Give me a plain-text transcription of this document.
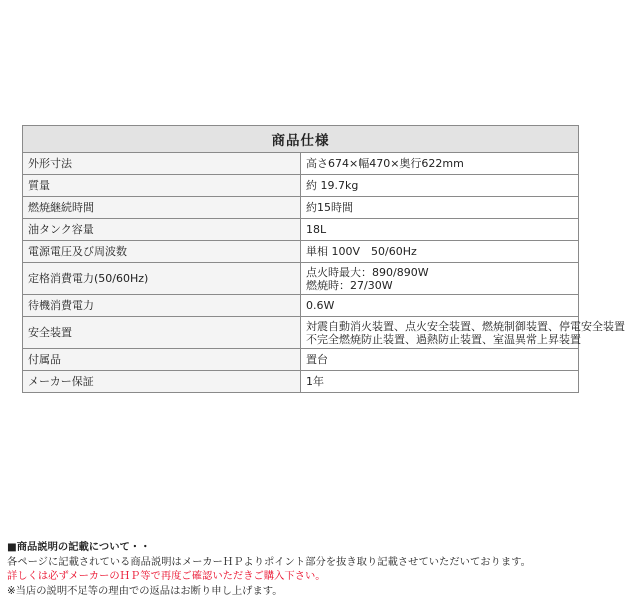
商品仕様	
外形寸法	高さ674×幅470×奥行622mm

質量	約 19.7kg

燃焼継続時間	約15時間

油タンク容量	18L

電源電圧及び周波数	単相 100V　50/60Hz

定格消費電力(50/60Hz)	点火時最大：890/890W
燃焼時：27/30W

待機消費電力	0.6W

安全装置	対震自動消火装置、点火安全装置、燃焼制御装置、停電安全装置
不完全燃焼防止装置、過熱防止装置、室温異常上昇装置

付属品	置台

メーカー保証	1年
■商品説明の記載について・・
各ページに記載されている商品説明はメーカーＨＰよりポイント部分を抜き取り記載させていただいております。
詳しくは必ずメーカーのＨＰ等で再度ご確認いただきご購入下さい。
※当店の説明不足等の理由での返品はお断り申し上げます。
